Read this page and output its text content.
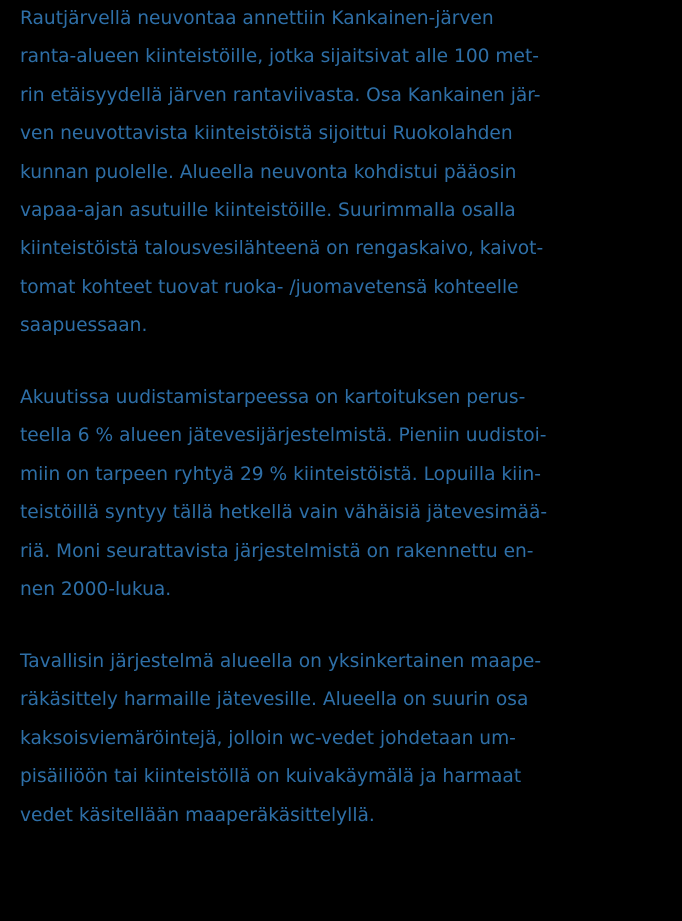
Rautjärvellä neuvontaa annettiin Kankainen-järven
ranta-alueen kiinteistöille, jotka sijaitsivat alle 100 met-
rin etäisyydellä järven rantaviivasta. Osa Kankainen jär-
ven neuvottavista kiinteistöistä sijoittui Ruokolahden
kunnan puolelle. Alueella neuvonta kohdistui pääosin
vapaa-ajan asutuille kiinteistöille. Suurimmalla osalla
kiinteistöistä talousvesilähteenä on rengaskaivo, kaivot-
tomat kohteet tuovat ruoka- /juomavetensä kohteelle
saapuessaan.
Akuutissa uudistamistarpeessa on kartoituksen perus-
teella 6 % alueen jätevesijärjestelmistä. Pieniin uudistoi-
miin on tarpeen ryhtyä 29 % kiinteistöistä. Lopuilla kiin-
teistöillä syntyy tällä hetkellä vain vähäisiä jätevesimää-
riä. Moni seurattavista järjestelmistä on rakennettu en-
nen 2000-lukua.
Tavallisin järjestelmä alueella on yksinkertainen maape-
räkäsittely harmaille jätevesille. Alueella on suurin osa
kaksoisviemäröintejä, jolloin wc-vedet johdetaan um-
pisäiliöön tai kiinteistöllä on kuivakäymälä ja harmaat
vedet käsitellään maaperäkäsittelyllä.
